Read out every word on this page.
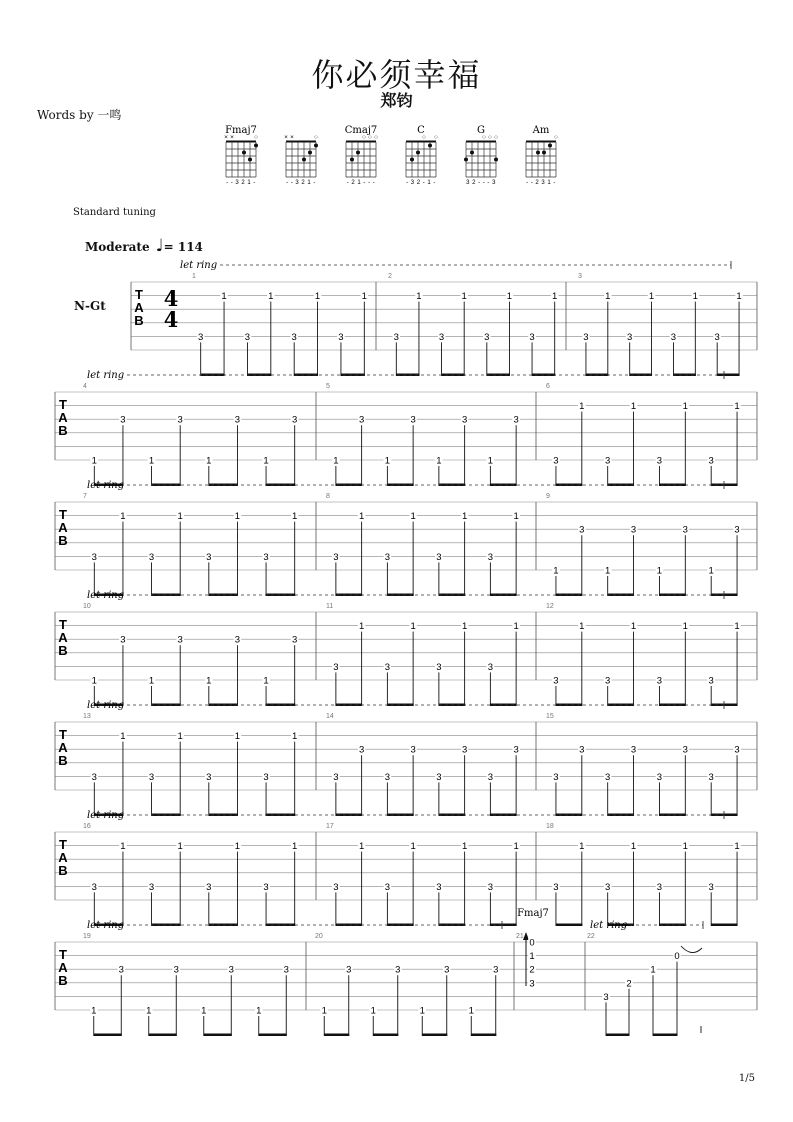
你必须幸福
郑钧
Words by 一鸣
Standard tuning
Moderate ♩= 114
N-Gt
1/5
Fmaj7
× ×	○
- - 3 2 1 -
× ×	○
- - 3 2 1 -
Cmaj7
○ ○ ○
- 2 1 - - -
C
○ ○
- 3 2 - 1 -
G
○ ○ ○
3 2 - - - 3
Am
○
- - 2 3 1 -
T
A
B
let ring
4
4
1
3
1
3
1
3
1
3
1
2
3
1
3
1
3
1
3
1
3
3
1
3
1
3
1
3
1
T
A
B
let ring
4
1
3
1
3
1
3
1
3
5
1
3
1
3
1
3
1
3
6
3
1
3
1
3
1
3
1
T
A
B
let ring
7
3
1
3
1
3
1
3
1
8
3
1
3
1
3
1
3
1
9
1
3
1
3
1
3
1
3
T
A
B
let ring
10
1
3
1
3
1
3
1
3
11
3
1
3
1
3
1
3
1
12
3
1
3
1
3
1
3
1
T
A
B
let ring
13
3
1
3
1
3
1
3
1
14
3
3
3
3
3
3
3
3
15
3
3
3
3
3
3
3
3
T
A
B
let ring
16
3
1
3
1
3
1
3
1
17
3
1
3
1
3
1
3
1
18
3
1
3
1
3
1
3
1
T
A
B
let ring
19
1
3
1
3
1
3
1
3
20
1
3
1
3
1
3
1
3
Fmaj7
21
0
1
2
3
22
let ring
3
2
1
0
